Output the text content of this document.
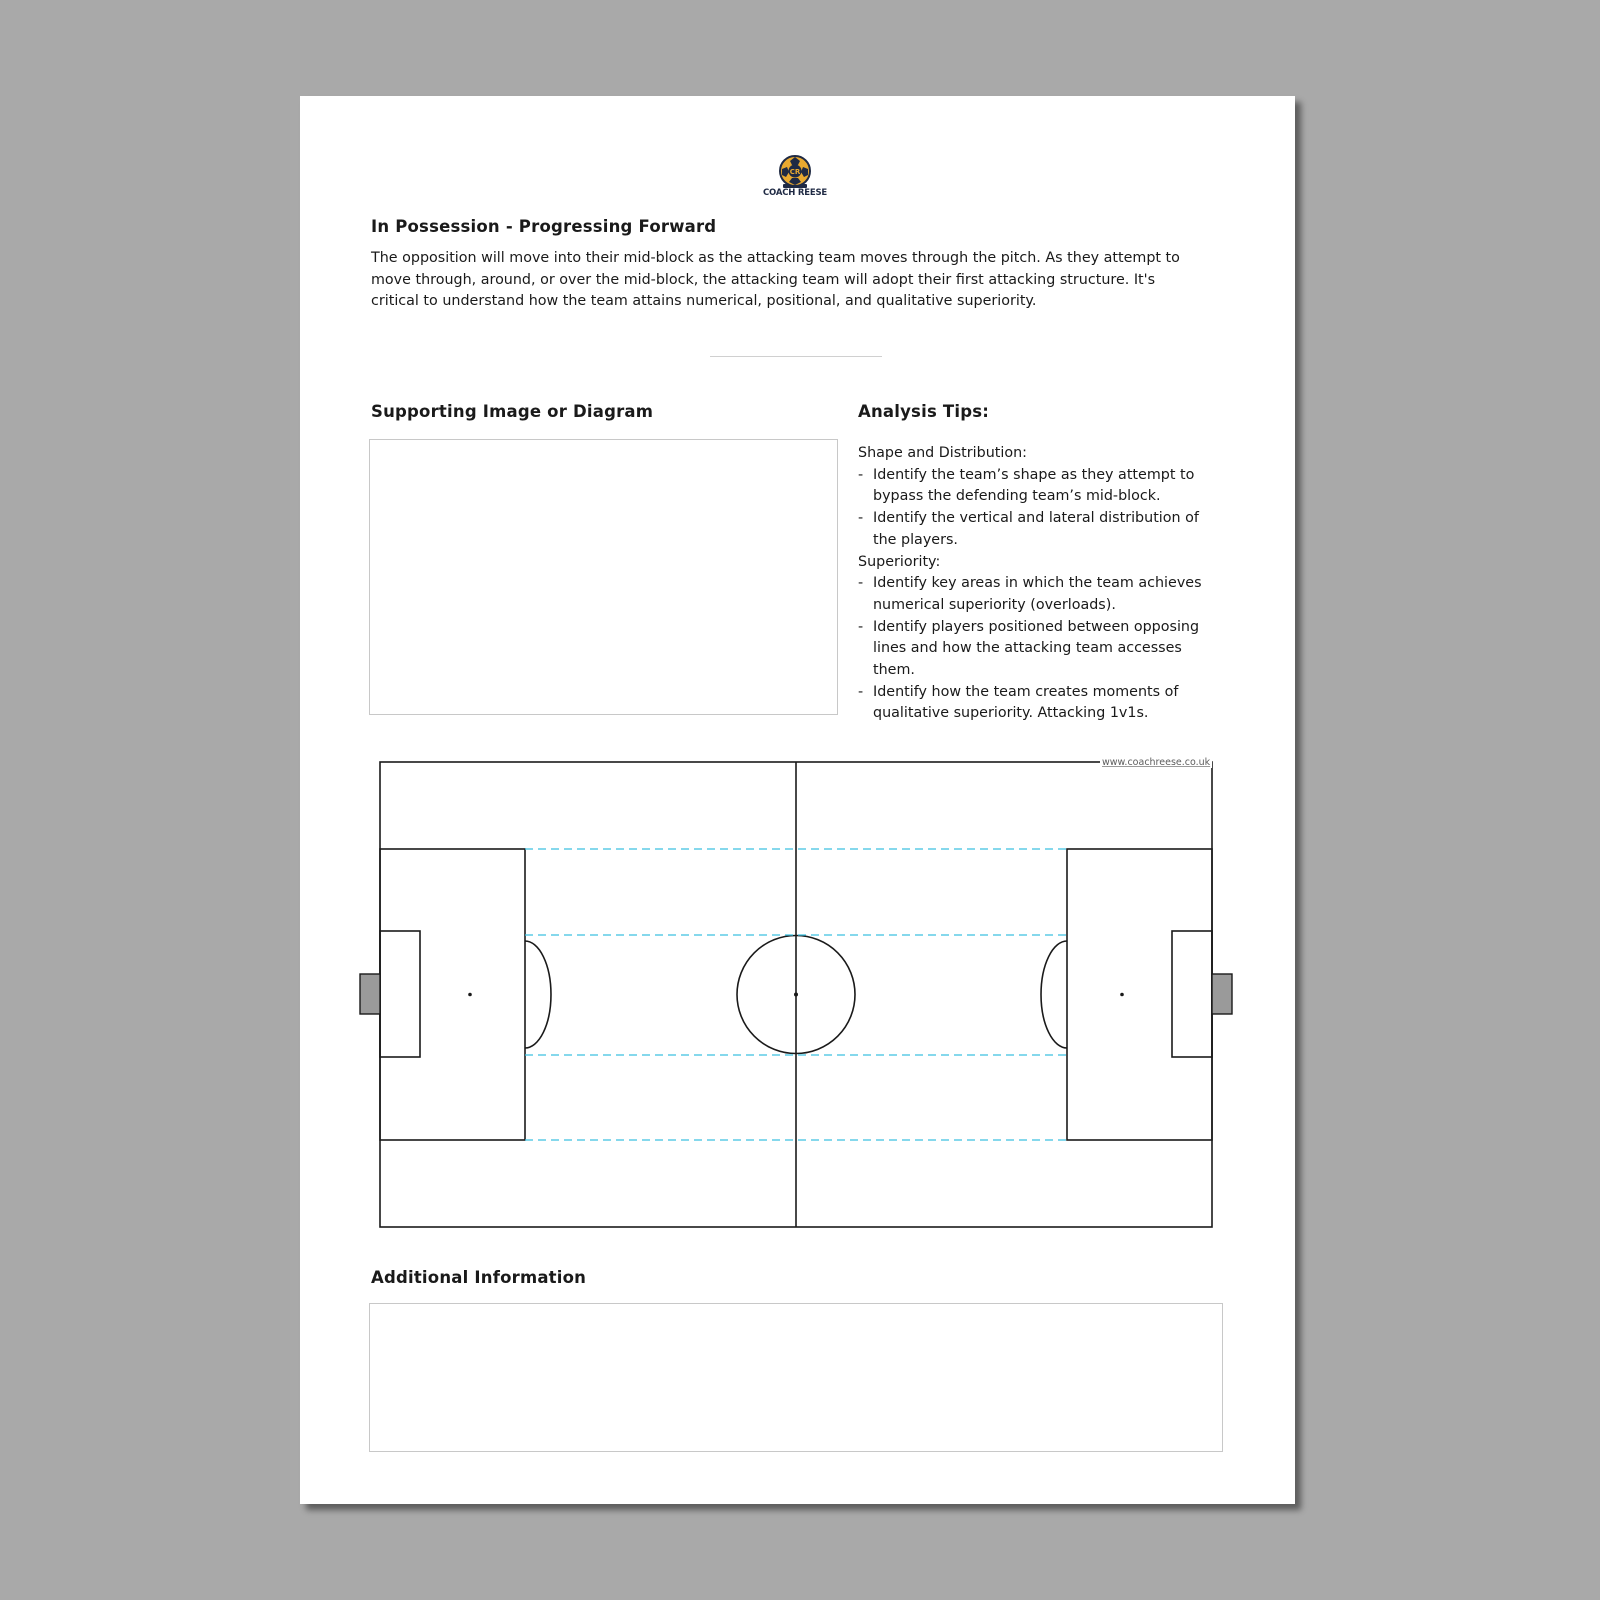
CR
COACH REESE
In Possession - Progressing Forward

The opposition will move into their mid-block as the attacking team moves through the pitch. As they attempt to move through, around, or over the mid-block, the attacking team will adopt their first attacking structure. It's critical to understand how the team attains numerical, positional, and qualitative superiority.

Supporting Image or Diagram	Analysis Tips:

Shape and Distribution:

- Identify the team’s shape as they attempt to bypass the defending team’s mid-block.

- Identify the vertical and lateral distribution of the players.

Superiority:

- Identify key areas in which the team achieves numerical superiority (overloads).

- Identify players positioned between opposing lines and how the attacking team accesses them.

- Identify how the team creates moments of qualitative superiority. Attacking 1v1s.

www.coachreese.co.uk
Additional Information
